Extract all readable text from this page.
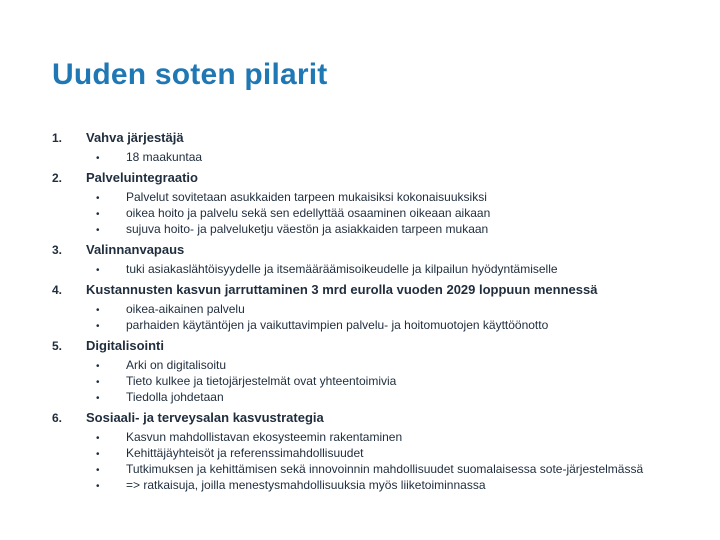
Uuden soten pilarit
1.	Vahva järjestäjä
•	18 maakuntaa
2.	Palveluintegraatio
•	Palvelut sovitetaan asukkaiden tarpeen mukaisiksi kokonaisuuksiksi
•	oikea hoito ja palvelu sekä sen edellyttää osaaminen oikeaan aikaan
•	sujuva hoito- ja palveluketju väestön ja asiakkaiden tarpeen mukaan
3.	Valinnanvapaus
•	tuki asiakaslähtöisyydelle ja itsemääräämisoikeudelle ja kilpailun hyödyntämiselle
4.	Kustannusten kasvun jarruttaminen 3 mrd eurolla vuoden 2029 loppuun mennessä
•	oikea-aikainen palvelu
•	parhaiden käytäntöjen ja vaikuttavimpien palvelu- ja hoitomuotojen käyttöönotto
5.	Digitalisointi
•	Arki on digitalisoitu
•	Tieto kulkee ja tietojärjestelmät ovat yhteentoimivia
•	Tiedolla johdetaan
6.	Sosiaali- ja terveysalan kasvustrategia
•	Kasvun mahdollistavan ekosysteemin rakentaminen
•	Kehittäjäyhteisöt ja referenssimahdollisuudet
•	Tutkimuksen ja kehittämisen sekä innovoinnin mahdollisuudet suomalaisessa sote-järjestelmässä
•	=> ratkaisuja, joilla menestysmahdollisuuksia myös liiketoiminnassa
